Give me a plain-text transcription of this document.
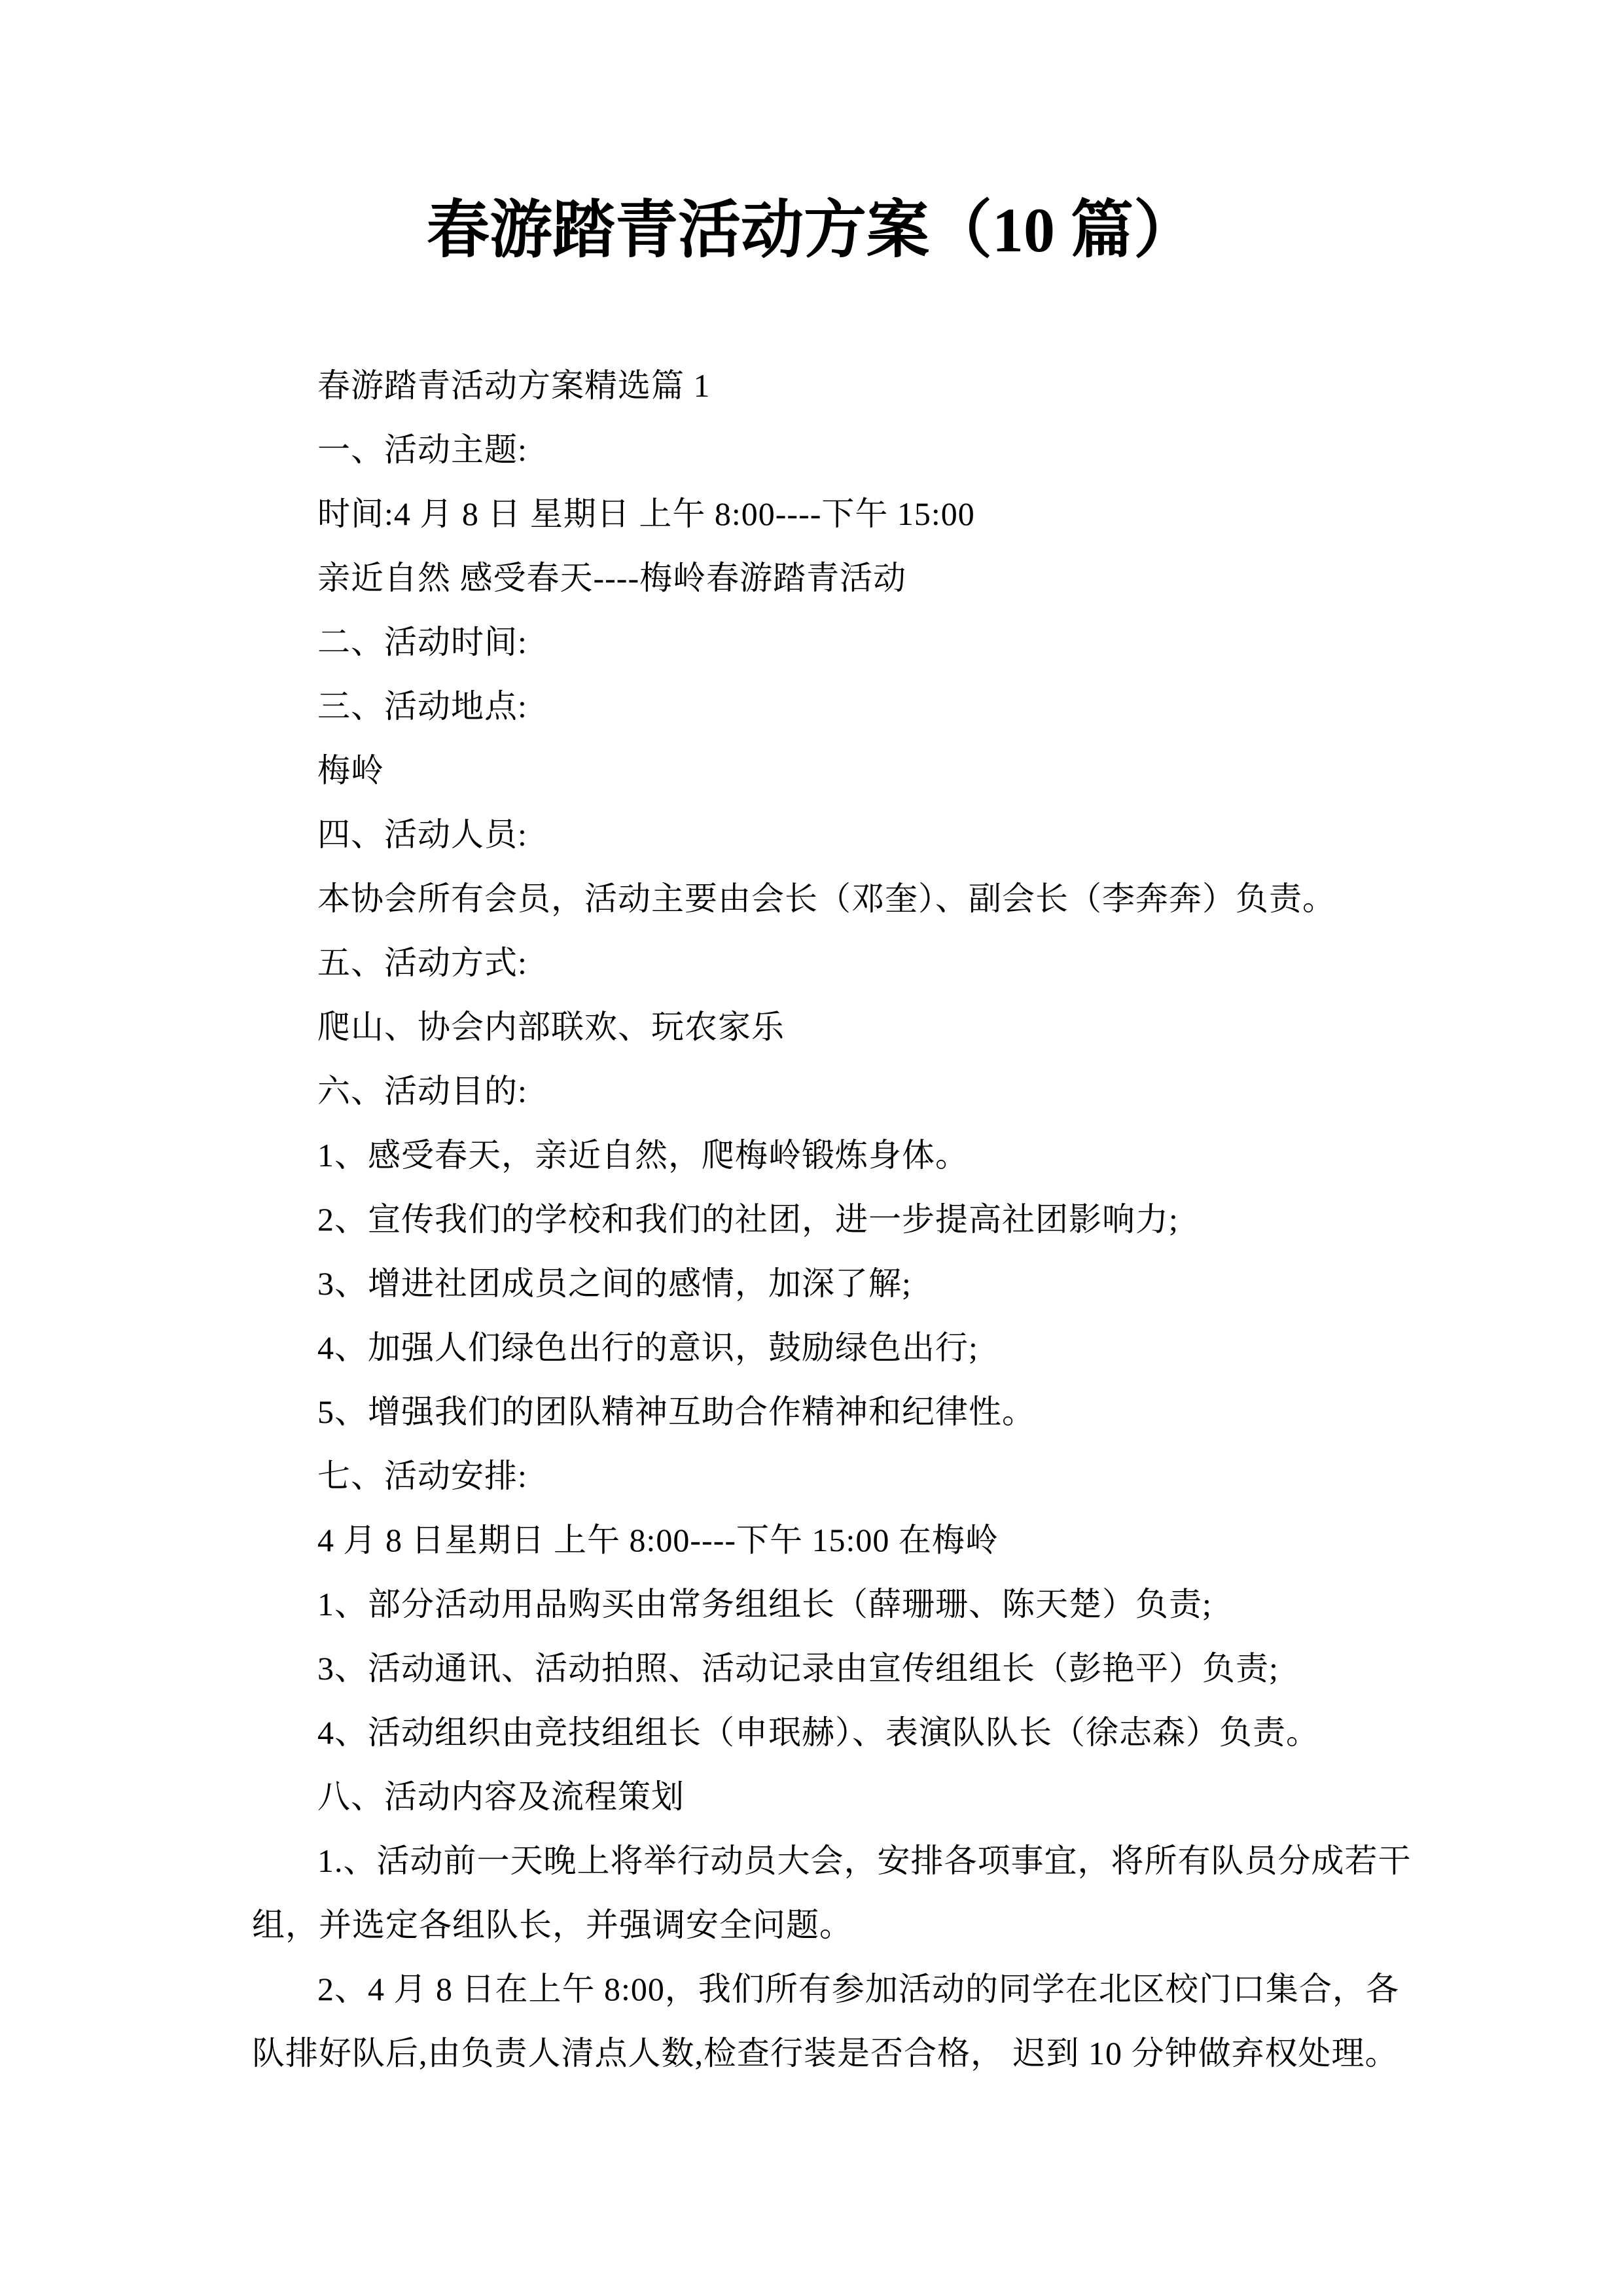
春游踏青活动方案（10 篇）
春游踏青活动方案精选篇 1
一、活动主题:
时间:4 月 8 日 星期日 上午 8:00----下午 15:00
亲近自然 感受春天----梅岭春游踏青活动
二、活动时间:
三、活动地点:
梅岭
四、活动人员:
本协会所有会员，活动主要由会长（邓奎）、副会长（李奔奔）负责。
五、活动方式:
爬山、协会内部联欢、玩农家乐
六、活动目的:
1、感受春天，亲近自然，爬梅岭锻炼身体。
2、宣传我们的学校和我们的社团，进一步提高社团影响力;
3、增进社团成员之间的感情，加深了解;
4、加强人们绿色出行的意识，鼓励绿色出行;
5、增强我们的团队精神互助合作精神和纪律性。
七、活动安排:
4 月 8 日星期日 上午 8:00----下午 15:00 在梅岭
1、部分活动用品购买由常务组组长（薛珊珊、陈天楚）负责;
3、活动通讯、活动拍照、活动记录由宣传组组长（彭艳平）负责;
4、活动组织由竞技组组长（申珉赫）、表演队队长（徐志森）负责。
八、活动内容及流程策划
1.、活动前一天晚上将举行动员大会，安排各项事宜，将所有队员分成若干
组，并选定各组队长，并强调安全问题。
2、4 月 8 日在上午 8:00，我们所有参加活动的同学在北区校门口集合，各
队排好队后,由负责人清点人数,检查行装是否合格， 迟到 10 分钟做弃权处理。
